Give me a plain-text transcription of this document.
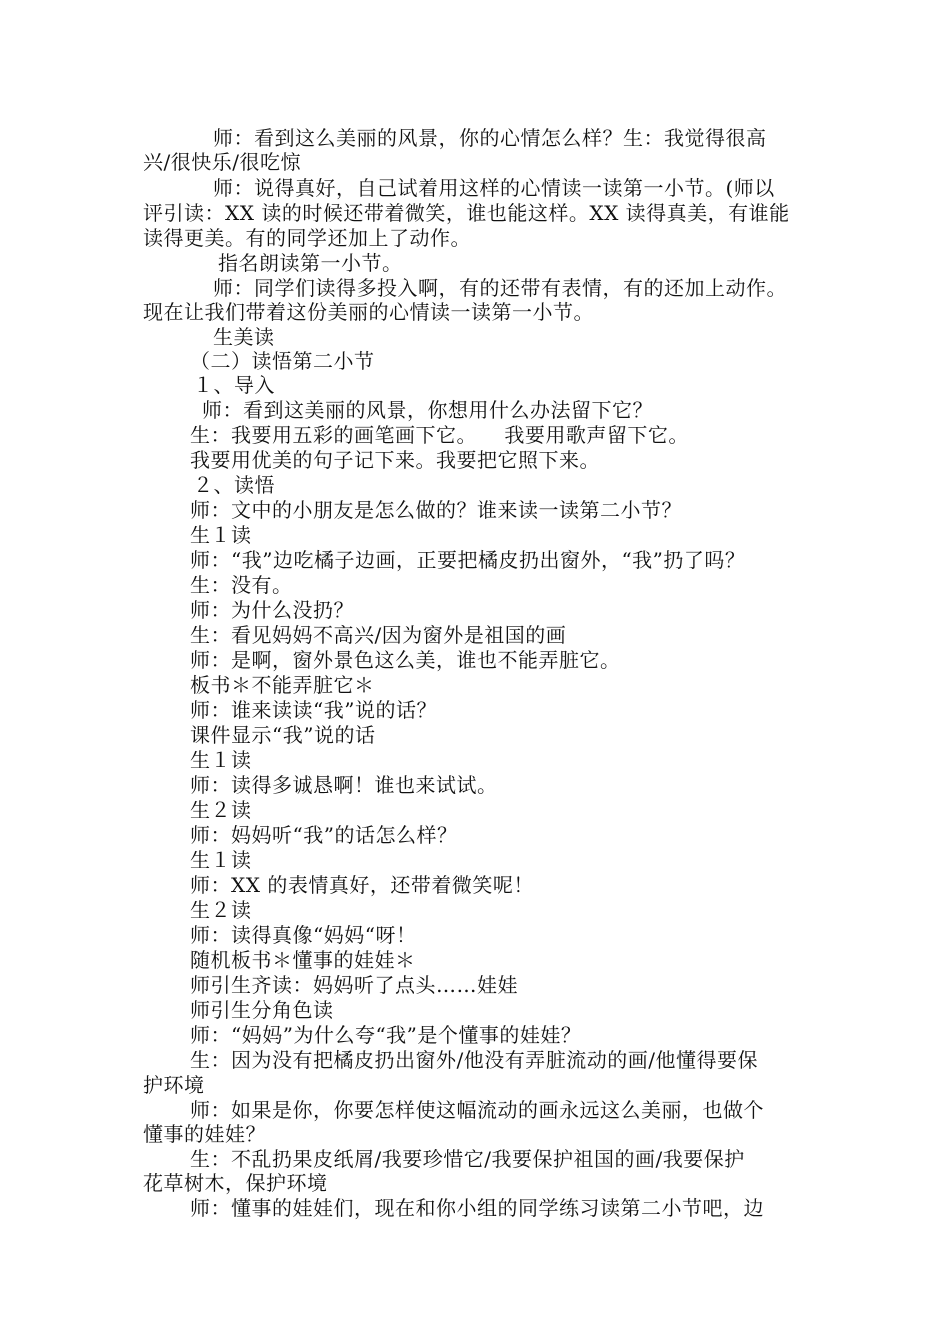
师：看到这么美丽的风景，你的心情怎么样？生：我觉得很高
兴/很快乐/很吃惊
师：说得真好，自己试着用这样的心情读一读第一小节。(师以
评引读：XX 读的时候还带着微笑，谁也能这样。XX 读得真美，有谁能
读得更美。有的同学还加上了动作。
指名朗读第一小节。
师：同学们读得多投入啊，有的还带有表情，有的还加上动作。
现在让我们带着这份美丽的心情读一读第一小节。
生美读
（二）读悟第二小节
１、导入
师：看到这美丽的风景，你想用什么办法留下它？
生：我要用五彩的画笔画下它。    我要用歌声留下它。
我要用优美的句子记下来。我要把它照下来。
２、读悟
师：文中的小朋友是怎么做的？谁来读一读第二小节？
生１读
师：“我”边吃橘子边画，正要把橘皮扔出窗外，“我”扔了吗？
生：没有。
师：为什么没扔？
生：看见妈妈不高兴/因为窗外是祖国的画
师：是啊，窗外景色这么美，谁也不能弄脏它。
板书＊不能弄脏它＊
师：谁来读读“我”说的话？
课件显示“我”说的话
生１读
师：读得多诚恳啊！谁也来试试。
生２读
师：妈妈听“我”的话怎么样？
生１读
师：XX 的表情真好，还带着微笑呢！
生２读
师：读得真像“妈妈“呀！
随机板书＊懂事的娃娃＊
师引生齐读：妈妈听了点头……娃娃
师引生分角色读
师：“妈妈”为什么夸“我”是个懂事的娃娃？
生：因为没有把橘皮扔出窗外/他没有弄脏流动的画/他懂得要保
护环境
师：如果是你，你要怎样使这幅流动的画永远这么美丽，也做个
懂事的娃娃？
生：不乱扔果皮纸屑/我要珍惜它/我要保护祖国的画/我要保护
花草树木，保护环境
师：懂事的娃娃们，现在和你小组的同学练习读第二小节吧，边
